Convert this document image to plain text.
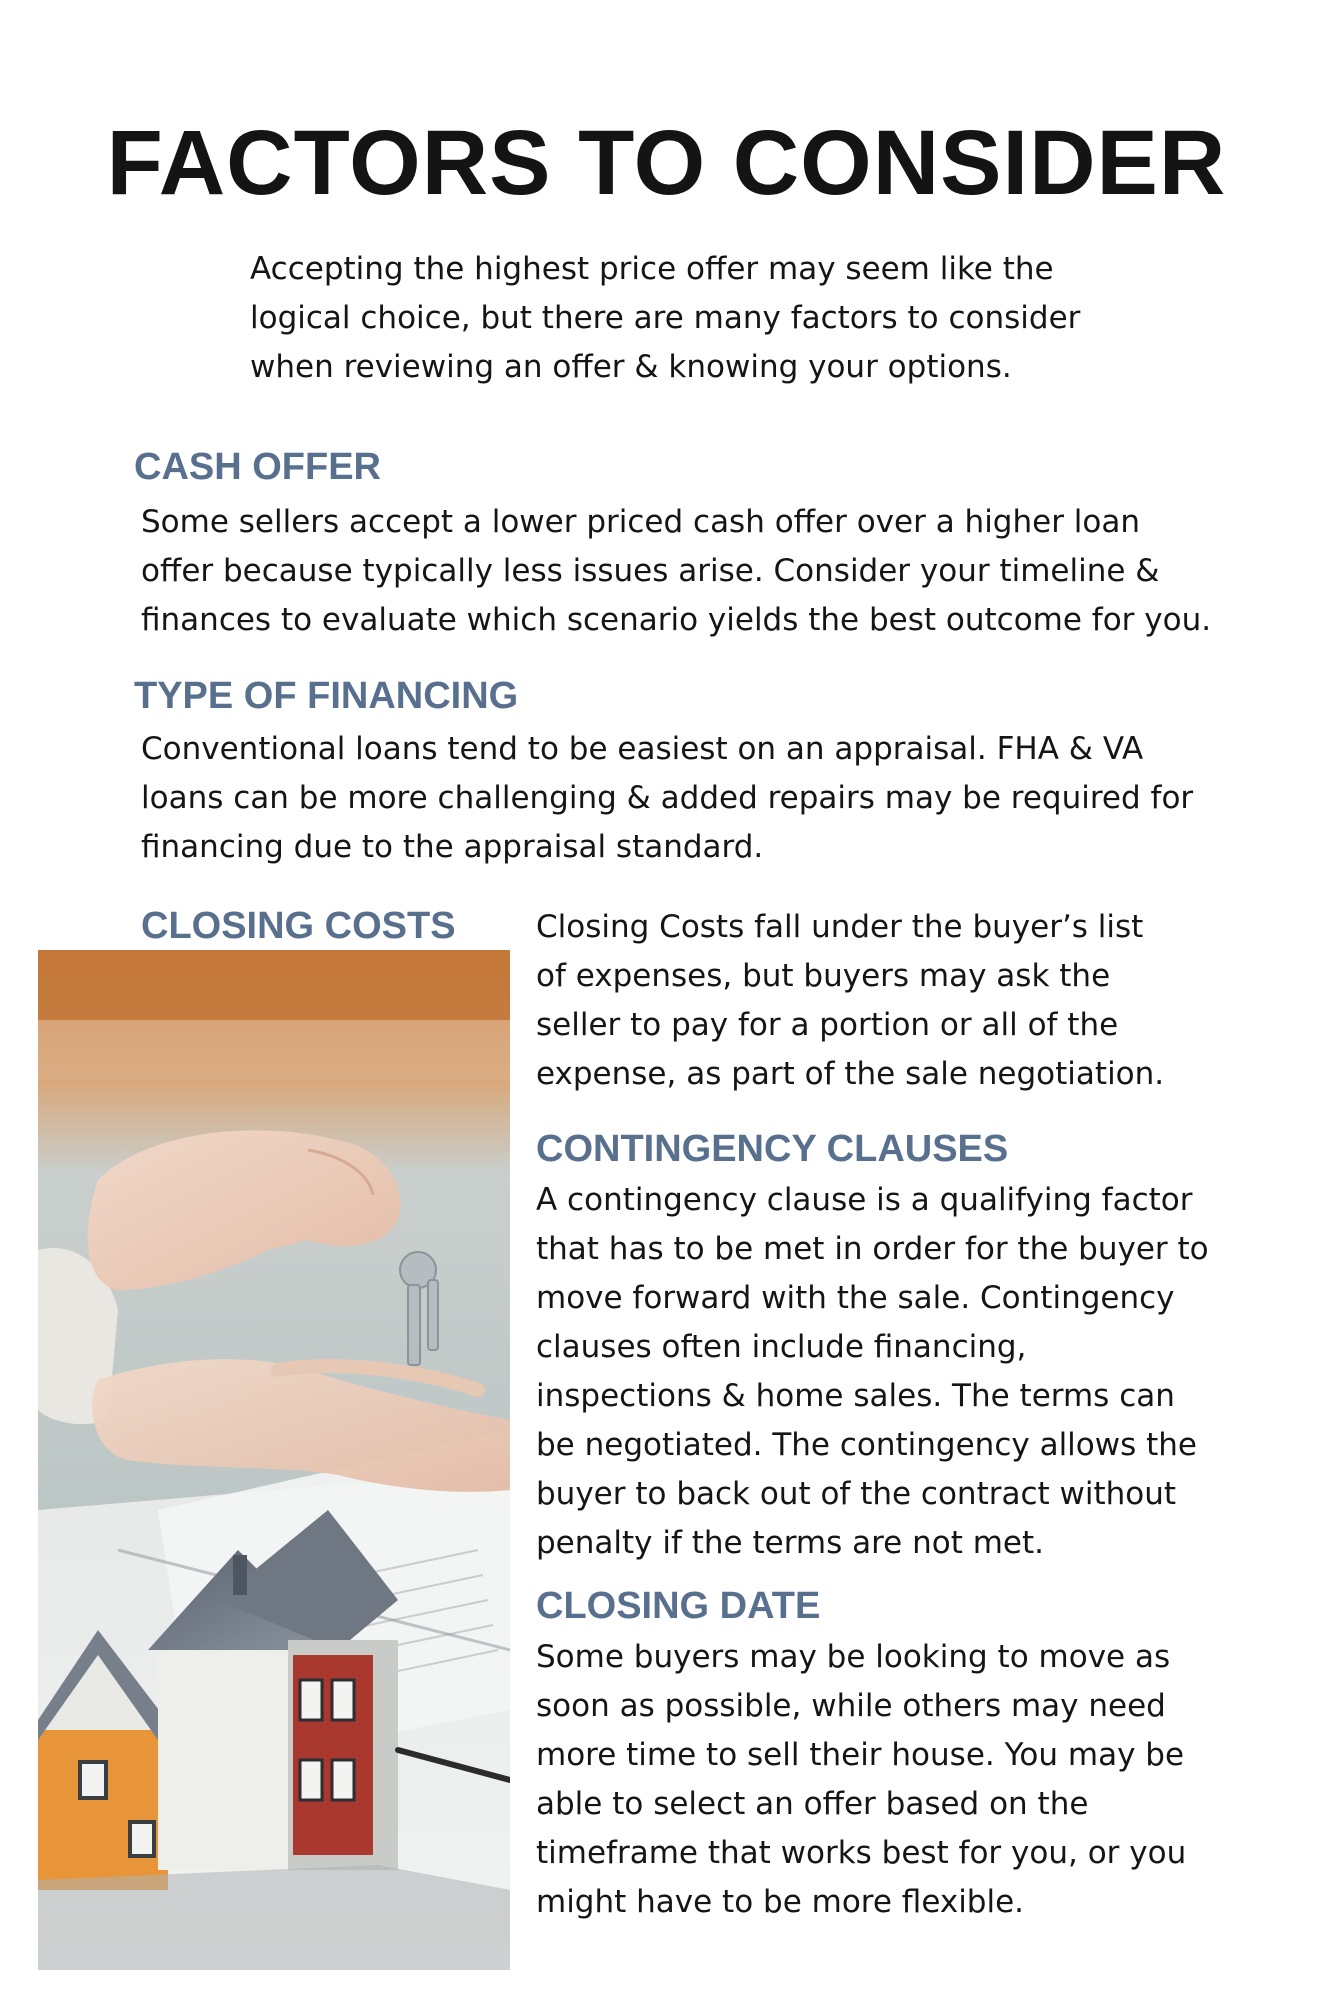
FACTORS TO CONSIDER
Accepting the highest price offer may seem like the
logical choice, but there are many factors to consider
when reviewing an offer & knowing your options.
CASH OFFER
Some sellers accept a lower priced cash offer over a higher loan
offer because typically less issues arise. Consider your timeline &
finances to evaluate which scenario yields the best outcome for you.
TYPE OF FINANCING
Conventional loans tend to be easiest on an appraisal. FHA & VA
loans can be more challenging & added repairs may be required for
financing due to the appraisal standard.
CLOSING COSTS	Closing Costs fall under the buyer’s list
of expenses, but buyers may ask the
seller to pay for a portion or all of the
expense, as part of the sale negotiation.
CONTINGENCY CLAUSES
A contingency clause is a qualifying factor
that has to be met in order for the buyer to
move forward with the sale. Contingency
clauses often include financing,
inspections & home sales. The terms can
be negotiated. The contingency allows the
buyer to back out of the contract without
penalty if the terms are not met.
CLOSING DATE
Some buyers may be looking to move as
soon as possible, while others may need
more time to sell their house. You may be
able to select an offer based on the
timeframe that works best for you, or you
might have to be more flexible.
